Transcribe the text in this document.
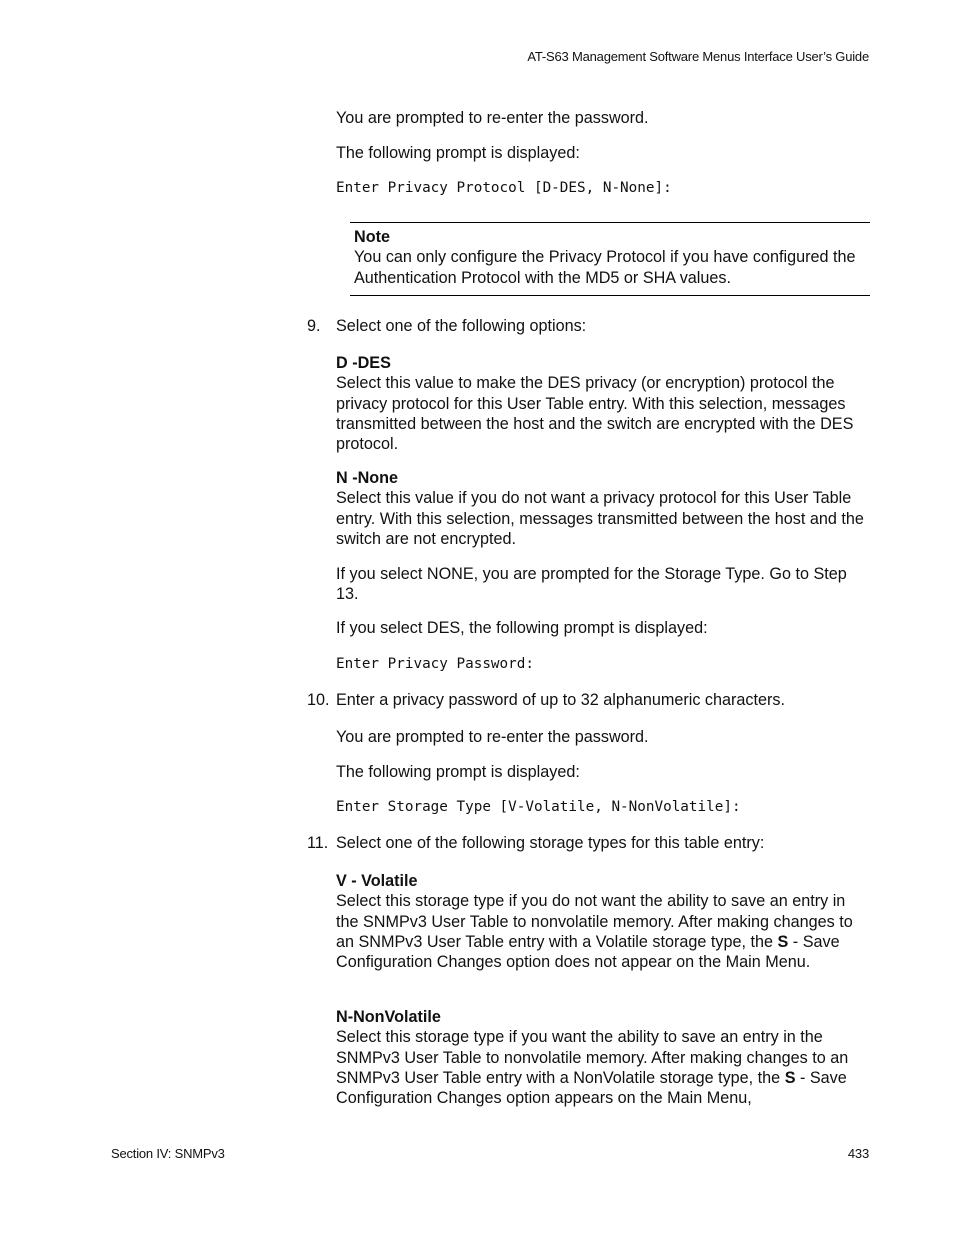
AT-S63 Management Software Menus Interface User’s Guide
You are prompted to re-enter the password.
The following prompt is displayed:
Enter Privacy Protocol [D-DES, N-None]:
Note
You can only configure the Privacy Protocol if you have configured the Authentication Protocol with the MD5 or SHA values.
9. Select one of the following options:
D -DES
Select this value to make the DES privacy (or encryption) protocol the privacy protocol for this User Table entry. With this selection, messages transmitted between the host and the switch are encrypted with the DES protocol.
N -None
Select this value if you do not want a privacy protocol for this User Table entry. With this selection, messages transmitted between the host and the switch are not encrypted.
If you select NONE, you are prompted for the Storage Type. Go to Step 13.
If you select DES, the following prompt is displayed:
Enter Privacy Password:
10. Enter a privacy password of up to 32 alphanumeric characters.
You are prompted to re-enter the password.
The following prompt is displayed:
Enter Storage Type [V-Volatile, N-NonVolatile]:
11. Select one of the following storage types for this table entry:
V - Volatile
Select this storage type if you do not want the ability to save an entry in the SNMPv3 User Table to nonvolatile memory. After making changes to an SNMPv3 User Table entry with a Volatile storage type, the S - Save Configuration Changes option does not appear on the Main Menu.
N-NonVolatile
Select this storage type if you want the ability to save an entry in the SNMPv3 User Table to nonvolatile memory. After making changes to an SNMPv3 User Table entry with a NonVolatile storage type, the S - Save Configuration Changes option appears on the Main Menu,
Section IV: SNMPv3	433
